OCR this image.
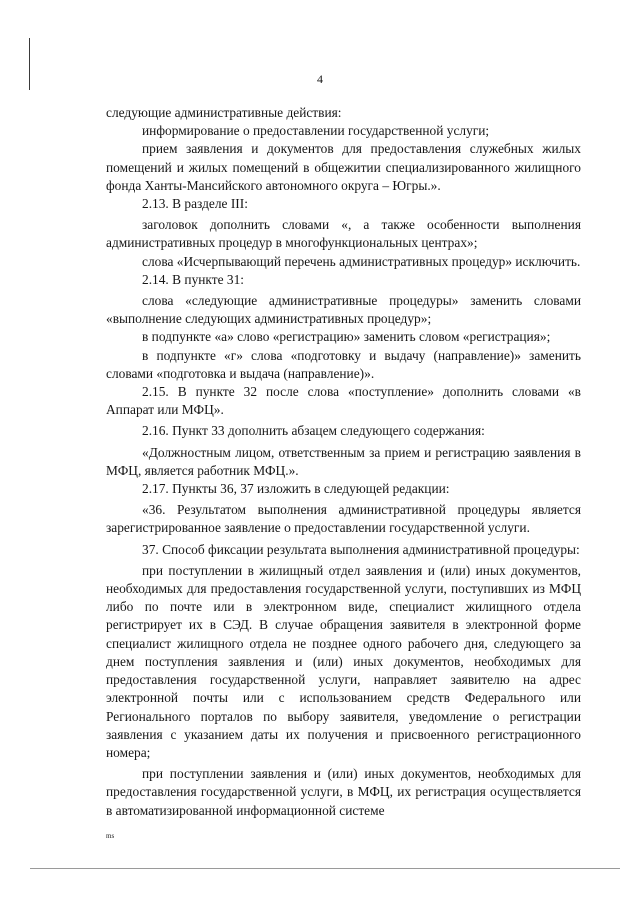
4

следующие административные действия:

информирование о предоставлении государственной услуги;

прием заявления и документов для предоставления служебных жилых помещений и жилых помещений в общежитии специализированного жилищного фонда Ханты-Мансийского автономного округа – Югры.».

2.13. В разделе III:

заголовок дополнить словами «, а также особенности выполнения административных процедур в многофункциональных центрах»;

слова «Исчерпывающий перечень административных процедур» исключить.

2.14. В пункте 31:

слова «следующие административные процедуры» заменить словами «выполнение следующих административных процедур»;

в подпункте «а» слово «регистрацию» заменить словом «регистрация»;

в подпункте «г» слова «подготовку и выдачу (направление)» заменить словами «подготовка и выдача (направление)».

2.15. В пункте 32 после слова «поступление» дополнить словами «в Аппарат или МФЦ».

2.16. Пункт 33 дополнить абзацем следующего содержания:

«Должностным лицом, ответственным за прием и регистрацию заявления в МФЦ, является работник МФЦ.».

2.17. Пункты 36, 37 изложить в следующей редакции:

«36. Результатом выполнения административной процедуры является зарегистрированное заявление о предоставлении государственной услуги.

37. Способ фиксации результата выполнения административной процедуры:

при поступлении в жилищный отдел заявления и (или) иных документов, необходимых для предоставления государственной услуги, поступивших из МФЦ либо по почте или в электронном виде, специалист жилищного отдела регистрирует их в СЭД. В случае обращения заявителя в электронной форме специалист жилищного отдела не позднее одного рабочего дня, следующего за днем поступления заявления и (или) иных документов, необходимых для предоставления государственной услуги, направляет заявителю на адрес электронной почты или с использованием средств Федерального или Регионального порталов по выбору заявителя, уведомление о регистрации заявления с указанием даты их получения и присвоенного регистрационного номера;

при поступлении заявления и (или) иных документов, необходимых для предоставления государственной услуги, в МФЦ, их регистрация осуществляется в автоматизированной информационной системе

ms
